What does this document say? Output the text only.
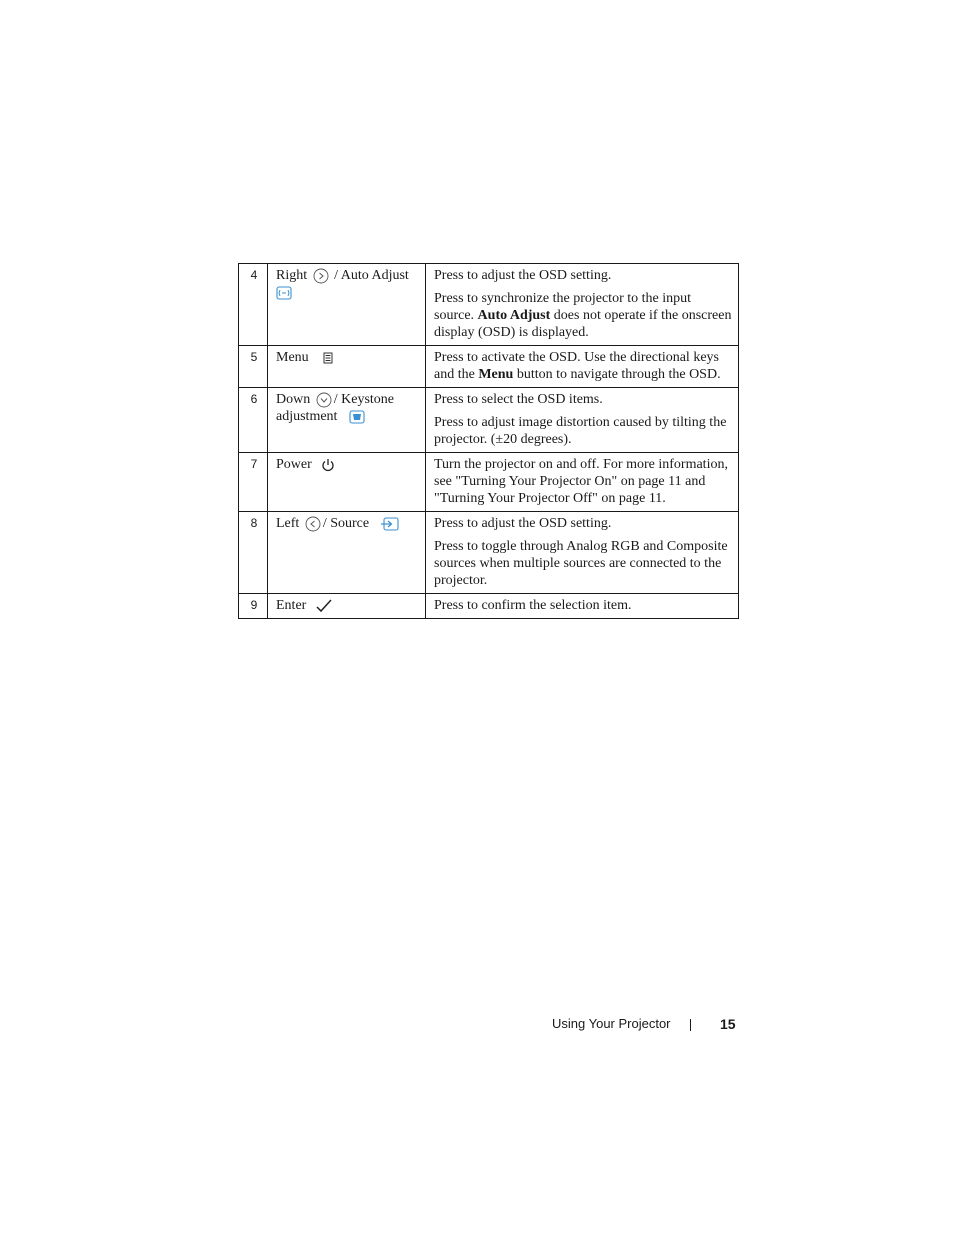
4	Right / Auto Adjust	Press to adjust the OSD setting.

Press to synchronize the projector to the input source. Auto Adjust does not operate if the onscreen display (OSD) is displayed.

5	Menu	Press to activate the OSD. Use the directional keys and the Menu button to navigate through the OSD.

6	Down / Keystone adjustment	Press to select the OSD items.

Press to adjust image distortion caused by tilting the projector. (±20 degrees).

7	Power	Turn the projector on and off. For more information, see "Turning Your Projector On" on page 11 and "Turning Your Projector Off" on page 11.

8	Left / Source	Press to adjust the OSD setting.

Press to toggle through Analog RGB and Composite sources when multiple sources are connected to the projector.

9	Enter	Press to confirm the selection item.

Using Your Projector	15
